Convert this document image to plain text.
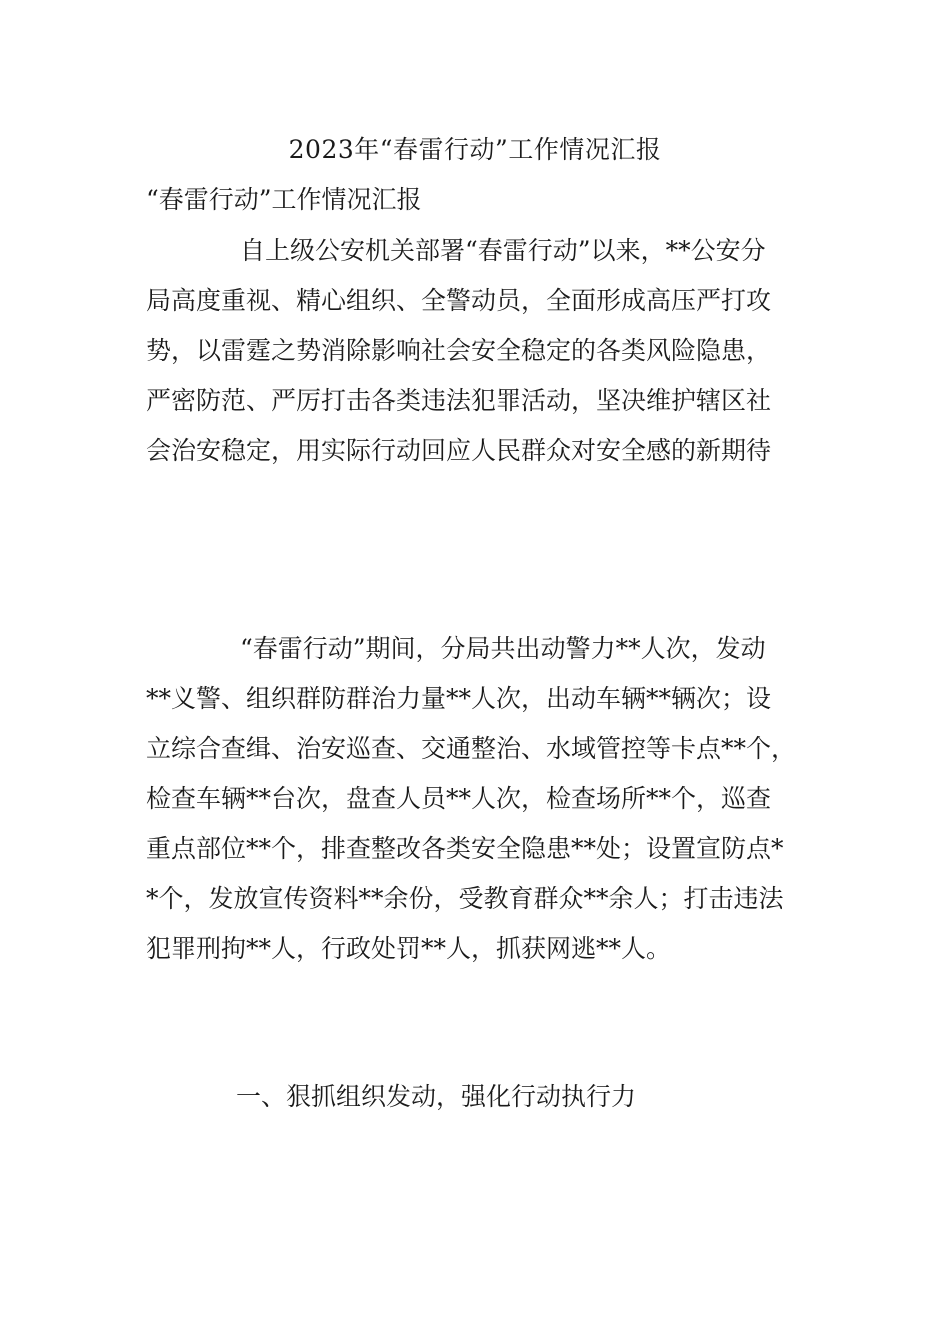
2023年“春雷行动”工作情况汇报
“春雷行动”工作情况汇报
自上级公安机关部署“春雷行动”以来，**公安分
局高度重视、精心组织、全警动员，全面形成高压严打攻
势，以雷霆之势消除影响社会安全稳定的各类风险隐患，
严密防范、严厉打击各类违法犯罪活动，坚决维护辖区社
会治安稳定，用实际行动回应人民群众对安全感的新期待
“春雷行动”期间，分局共出动警力**人次，发动
**义警、组织群防群治力量**人次，出动车辆**辆次；设
立综合查缉、治安巡查、交通整治、水域管控等卡点**个，
检查车辆**台次，盘查人员**人次，检查场所**个，巡查
重点部位**个，排查整改各类安全隐患**处；设置宣防点*
*个，发放宣传资料**余份，受教育群众**余人；打击违法
犯罪刑拘**人，行政处罚**人，抓获网逃**人。
一、狠抓组织发动，强化行动执行力
